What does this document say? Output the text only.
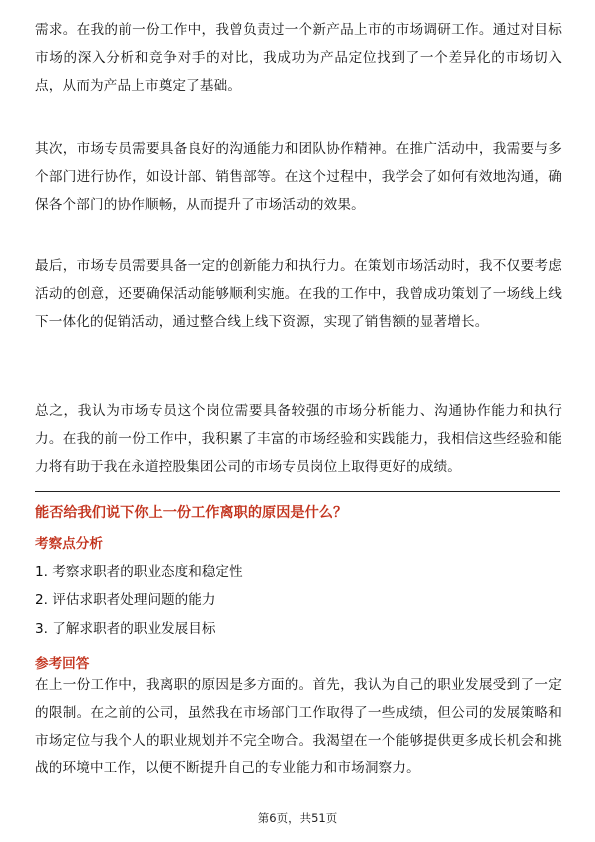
需求。在我的前一份工作中，我曾负责过一个新产品上市的市场调研工作。通过对目标市场的深入分析和竞争对手的对比，我成功为产品定位找到了一个差异化的市场切入点，从而为产品上市奠定了基础。

其次，市场专员需要具备良好的沟通能力和团队协作精神。在推广活动中，我需要与多个部门进行协作，如设计部、销售部等。在这个过程中，我学会了如何有效地沟通，确保各个部门的协作顺畅，从而提升了市场活动的效果。

最后，市场专员需要具备一定的创新能力和执行力。在策划市场活动时，我不仅要考虑活动的创意，还要确保活动能够顺利实施。在我的工作中，我曾成功策划了一场线上线下一体化的促销活动，通过整合线上线下资源，实现了销售额的显著增长。

总之，我认为市场专员这个岗位需要具备较强的市场分析能力、沟通协作能力和执行力。在我的前一份工作中，我积累了丰富的市场经验和实践能力，我相信这些经验和能力将有助于我在永道控股集团公司的市场专员岗位上取得更好的成绩。

能否给我们说下你上一份工作离职的原因是什么？

考察点分析

1. 考察求职者的职业态度和稳定性

2. 评估求职者处理问题的能力

3. 了解求职者的职业发展目标

参考回答

在上一份工作中，我离职的原因是多方面的。首先，我认为自己的职业发展受到了一定的限制。在之前的公司，虽然我在市场部门工作取得了一些成绩，但公司的发展策略和市场定位与我个人的职业规划并不完全吻合。我渴望在一个能够提供更多成长机会和挑战的环境中工作，以便不断提升自己的专业能力和市场洞察力。

第6页，共51页
